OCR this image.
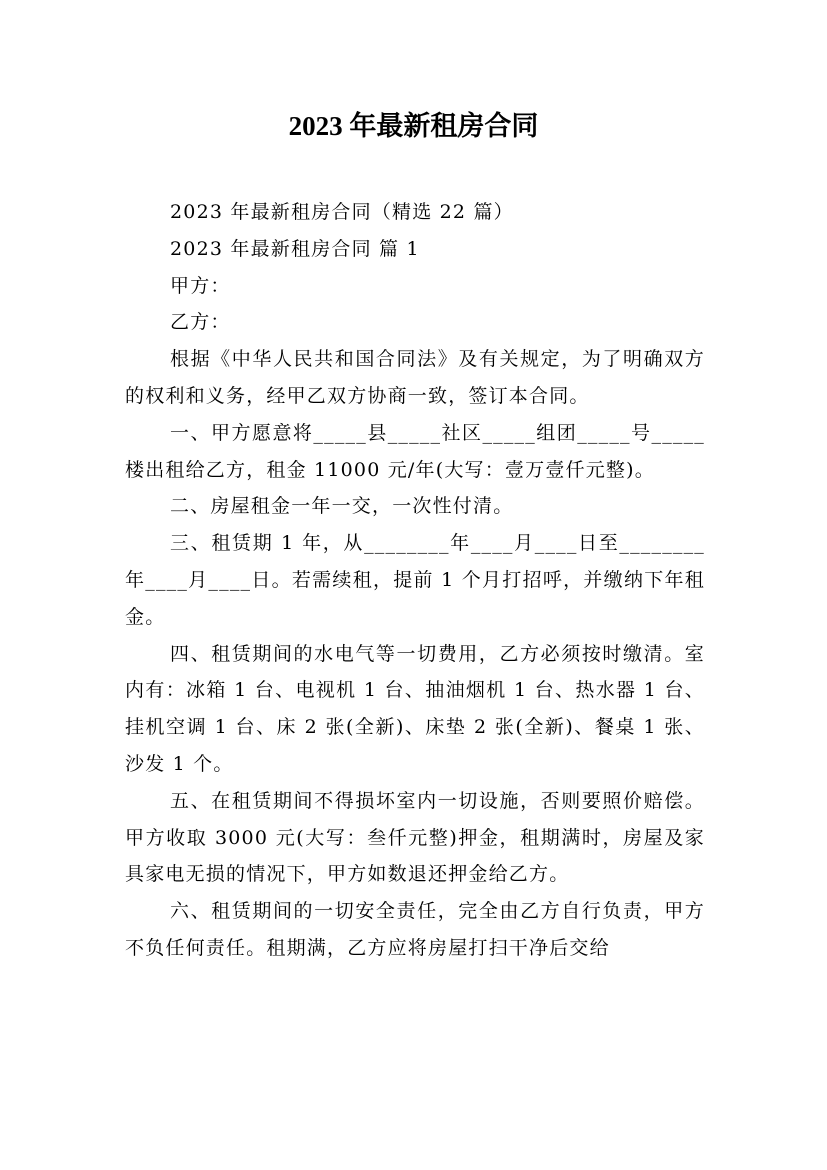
2023 年最新租房合同

2023 年最新租房合同（精选 22 篇）

2023 年最新租房合同 篇 1

甲方：

乙方：

根据《中华人民共和国合同法》及有关规定，为了明确双方的权利和义务，经甲乙双方协商一致，签订本合同。

一、甲方愿意将_____县_____社区_____组团_____号_____楼出租给乙方，租金 11000 元/年(大写：壹万壹仟元整)。

二、房屋租金一年一交，一次性付清。

三、租赁期 1 年，从________年____月____日至________年____月____日。若需续租，提前 1 个月打招呼，并缴纳下年租金。

四、租赁期间的水电气等一切费用，乙方必须按时缴清。室内有：冰箱 1 台、电视机 1 台、抽油烟机 1 台、热水器 1 台、挂机空调 1 台、床 2 张(全新)、床垫 2 张(全新)、餐桌 1 张、沙发 1 个。

五、在租赁期间不得损坏室内一切设施，否则要照价赔偿。甲方收取 3000 元(大写：叁仟元整)押金，租期满时，房屋及家具家电无损的情况下，甲方如数退还押金给乙方。

六、租赁期间的一切安全责任，完全由乙方自行负责，甲方不负任何责任。租期满，乙方应将房屋打扫干净后交给
